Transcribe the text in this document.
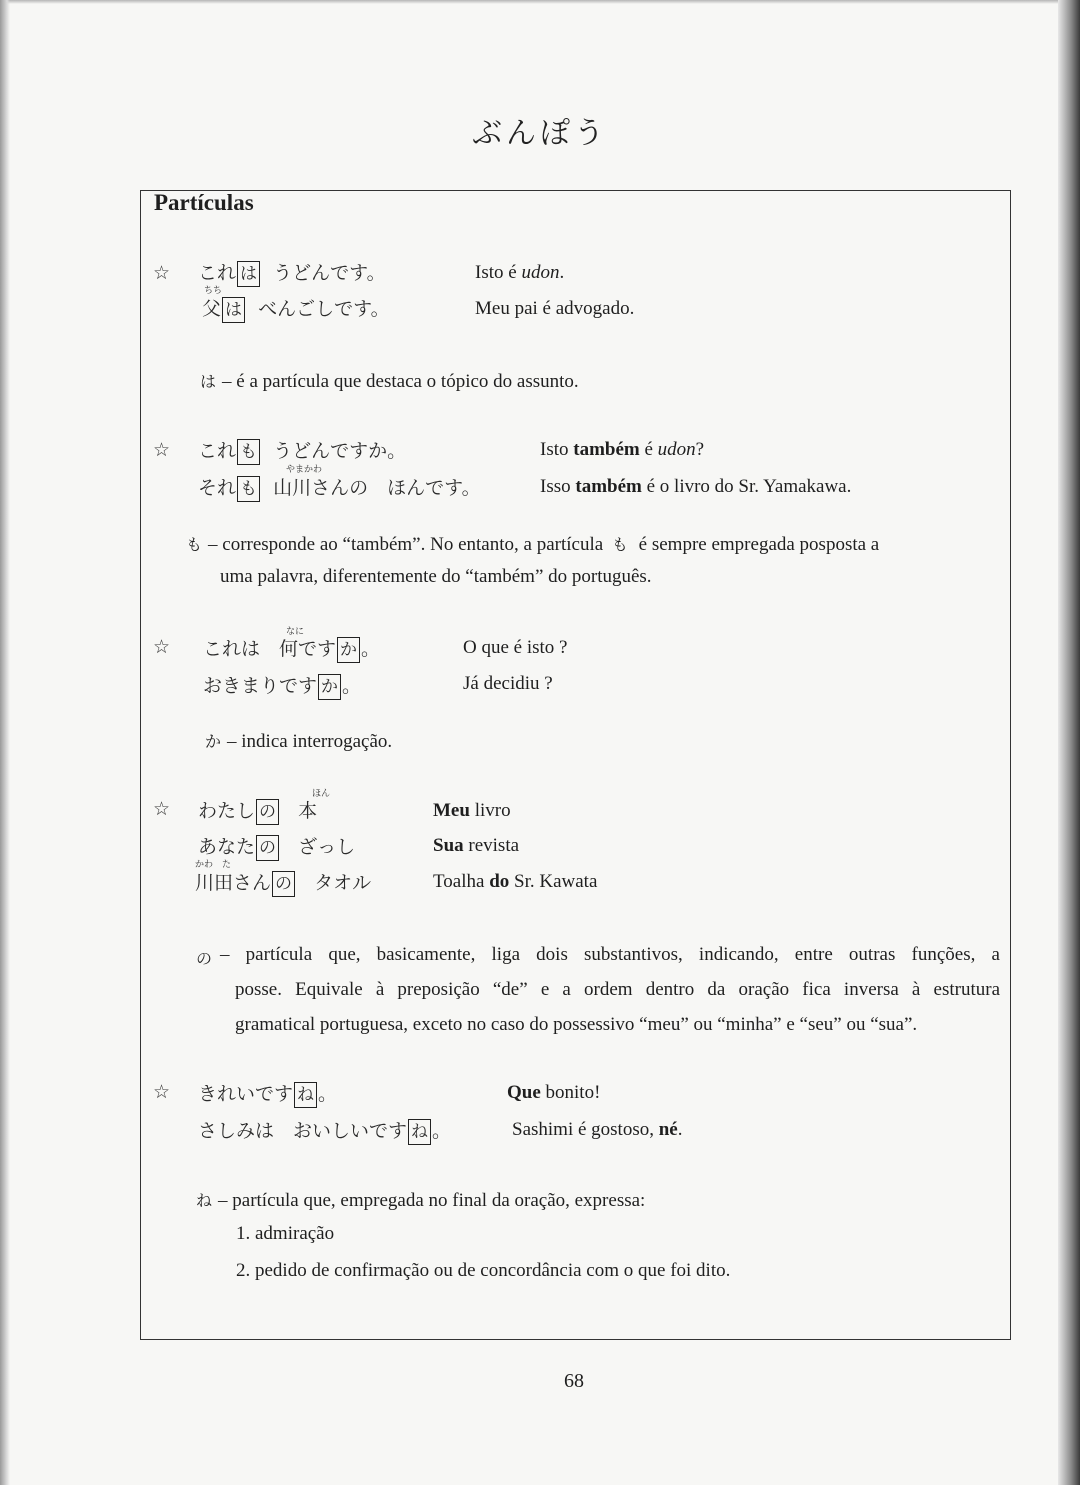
ぶんぽう
Partículas
☆ これ は うどんです。
ちち
父 は べんごしです。
Isto é udon.
Meu pai é advogado.
は – é a partícula que destaca o tópico do assunto.
☆ これ も うどんですか。
やまかわ
それ も 山川さんの　ほんです。
Isto também é udon?
Isso também é o livro do Sr. Yamakawa.
も – corresponde ao “também”. No entanto, a partícula も é sempre empregada posposta a
uma palavra, diferentemente do “também” do português.
☆
なに
これは　何です か 。
おきまりです か 。
O que é isto ?
Já decidiu ?
か – indica interrogação.
☆
ほん
わたし の 本
あなた の ざっし
かわ　た
川田さん の タオル
Meu livro
Sua revista
Toalha do Sr. Kawata
の – partícula que, basicamente, liga dois substantivos, indicando, entre outras funções, a
posse. Equivale à preposição “de” e a ordem dentro da oração fica inversa à estrutura
gramatical portuguesa, exceto no caso do possessivo “meu” ou “minha” e “seu” ou “sua”.
☆ きれいです ね 。
さしみは　おいしいです ね 。
Que bonito!
Sashimi é gostoso, né.
ね – partícula que, empregada no final da oração, expressa:
1. admiração
2. pedido de confirmação ou de concordância com o que foi dito.
68
